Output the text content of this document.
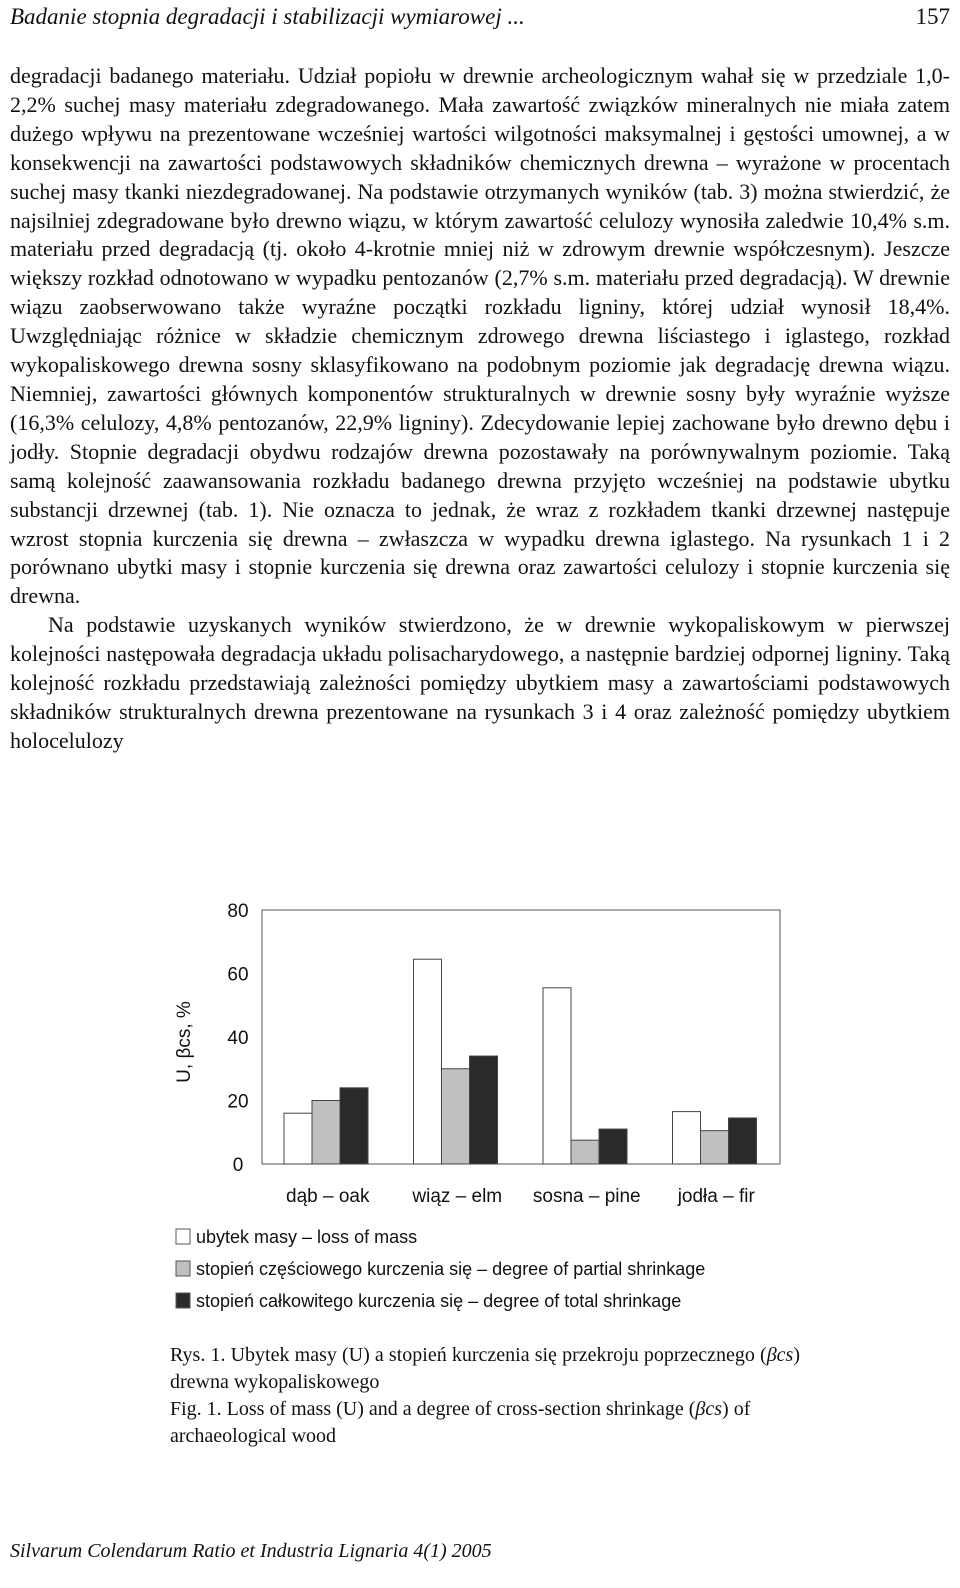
Badanie stopnia degradacji i stabilizacji wymiarowej ...	157

degradacji badanego materiału. Udział popiołu w drewnie archeologicznym wahał się w przedziale 1,0-2,2% suchej masy materiału zdegradowanego. Mała zawartość związków mineralnych nie miała zatem dużego wpływu na prezentowane wcześniej wartości wilgotności maksymalnej i gęstości umownej, a w konsekwencji na zawartości podstawowych składników chemicznych drewna – wyrażone w procentach suchej masy tkanki niezdegradowanej. Na podstawie otrzymanych wyników (tab. 3) można stwierdzić, że najsilniej zdegradowane było drewno wiązu, w którym zawartość celulozy wynosiła zaledwie 10,4% s.m. materiału przed degradacją (tj. około 4-krotnie mniej niż w zdrowym drewnie współczesnym). Jeszcze większy rozkład odnotowano w wypadku pentozanów (2,7% s.m. materiału przed degradacją). W drewnie wiązu zaobserwowano także wyraźne początki rozkładu ligniny, której udział wynosił 18,4%. Uwzględniając różnice w składzie chemicznym zdrowego drewna liściastego i iglastego, rozkład wykopaliskowego drewna sosny sklasyfikowano na podobnym poziomie jak degradację drewna wiązu. Niemniej, zawartości głównych komponentów strukturalnych w drewnie sosny były wyraźnie wyższe (16,3% celulozy, 4,8% pentozanów, 22,9% ligniny). Zdecydowanie lepiej zachowane było drewno dębu i jodły. Stopnie degradacji obydwu rodzajów drewna pozostawały na porównywalnym poziomie. Taką samą kolejność zaawansowania rozkładu badanego drewna przyjęto wcześniej na podstawie ubytku substancji drzewnej (tab. 1). Nie oznacza to jednak, że wraz z rozkładem tkanki drzewnej następuje wzrost stopnia kurczenia się drewna – zwłaszcza w wypadku drewna iglastego. Na rysunkach 1 i 2 porównano ubytki masy i stopnie kurczenia się drewna oraz zawartości celulozy i stopnie kurczenia się drewna.

Na podstawie uzyskanych wyników stwierdzono, że w drewnie wykopaliskowym w pierwszej kolejności następowała degradacja układu polisacharydowego, a następnie bardziej odpornej ligniny. Taką kolejność rozkładu przedstawiają zależności pomiędzy ubytkiem masy a zawartościami podstawowych składników strukturalnych drewna prezentowane na rysunkach 3 i 4 oraz zależność pomiędzy ubytkiem holocelulozy

0
20
40
60
80
U, βcs, %
dąb – oak wiąz – elm sosna – pine jodła – fir
ubytek masy – loss of mass
stopień częściowego kurczenia się – degree of partial shrinkage
stopień całkowitego kurczenia się – degree of total shrinkage
Rys. 1. Ubytek masy (U) a stopień kurczenia się przekroju poprzecznego (βcs) drewna wykopaliskowego
Fig. 1. Loss of mass (U) and a degree of cross-section shrinkage (βcs) of archaeological wood
Silvarum Colendarum Ratio et Industria Lignaria 4(1) 2005
